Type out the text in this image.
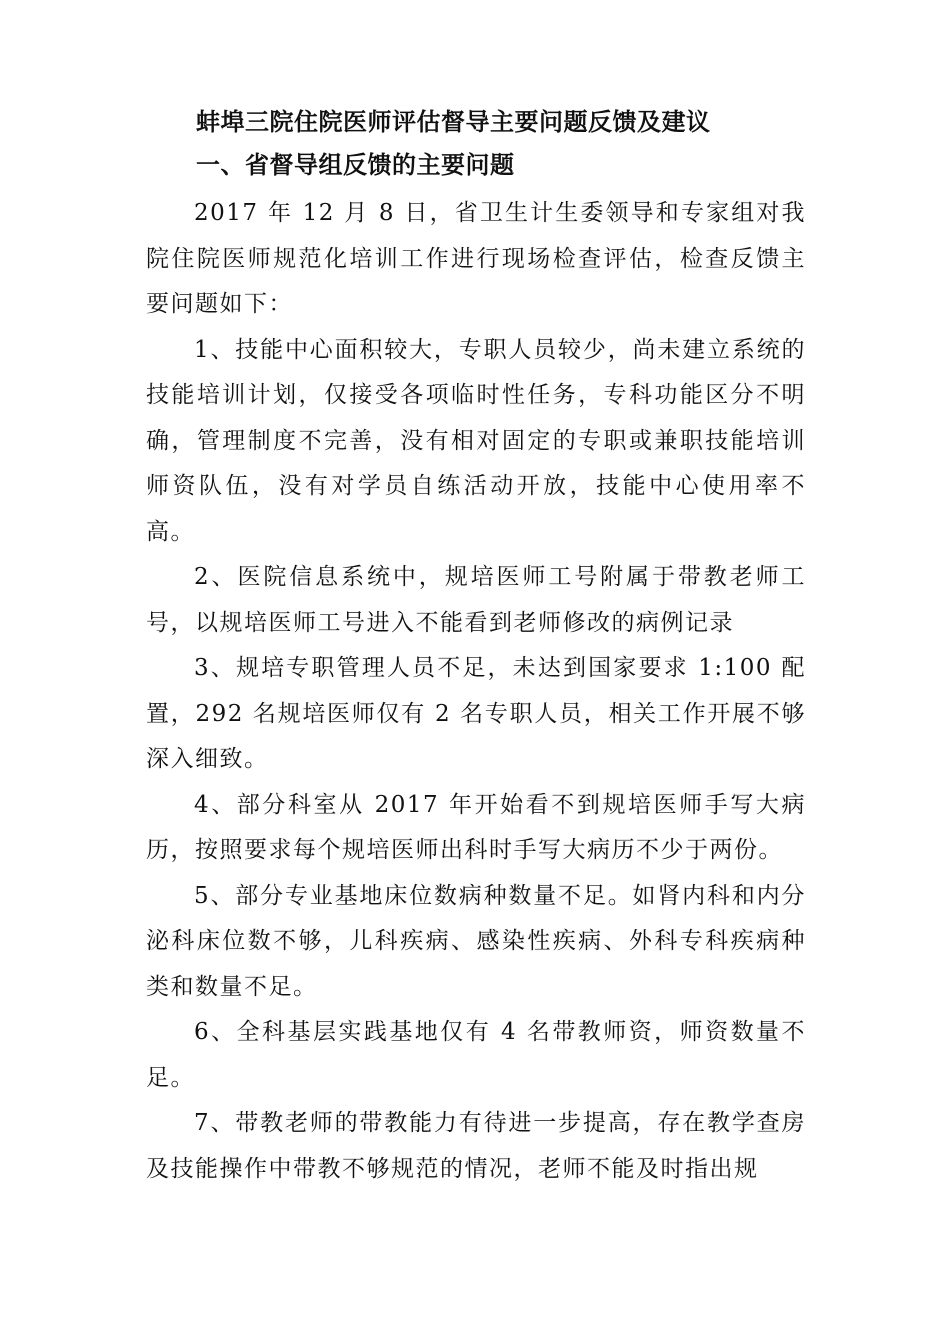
蚌埠三院住院医师评估督导主要问题反馈及建议
一、省督导组反馈的主要问题

2017 年 12 月 8 日，省卫生计生委领导和专家组对我院住院医师规范化培训工作进行现场检查评估，检查反馈主要问题如下：

1、技能中心面积较大，专职人员较少，尚未建立系统的技能培训计划，仅接受各项临时性任务，专科功能区分不明确，管理制度不完善，没有相对固定的专职或兼职技能培训师资队伍，没有对学员自练活动开放，技能中心使用率不高。

2、医院信息系统中，规培医师工号附属于带教老师工号，以规培医师工号进入不能看到老师修改的病例记录

3、规培专职管理人员不足，未达到国家要求 1:100 配置，292 名规培医师仅有 2 名专职人员，相关工作开展不够深入细致。

4、部分科室从 2017 年开始看不到规培医师手写大病历，按照要求每个规培医师出科时手写大病历不少于两份。

5、部分专业基地床位数病种数量不足。如肾内科和内分泌科床位数不够，儿科疾病、感染性疾病、外科专科疾病种类和数量不足。

6、全科基层实践基地仅有 4 名带教师资，师资数量不足。

7、带教老师的带教能力有待进一步提高，存在教学查房及技能操作中带教不够规范的情况，老师不能及时指出规
